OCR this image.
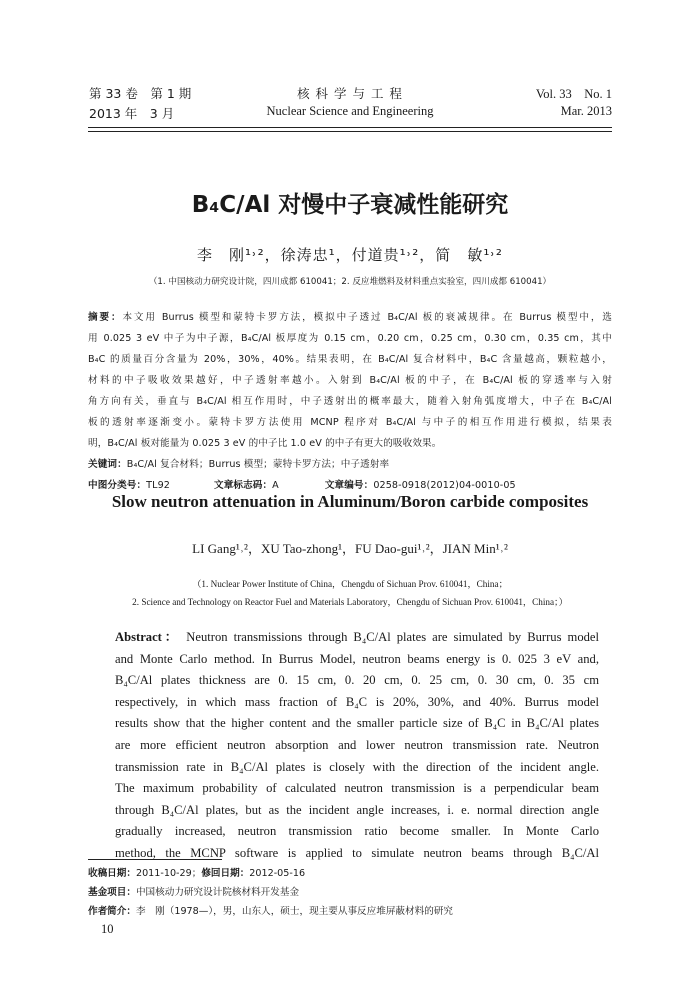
第 33 卷　第 1 期
2013 年　3 月
核 科 学 与 工 程
Nuclear Science and Engineering
Vol. 33　No. 1
Mar. 2013
B₄C/Al 对慢中子衰减性能研究
李　刚¹˒²，徐涛忠¹，付道贵¹˒²，简　敏¹˒²
（1. 中国核动力研究设计院，四川成都 610041；2. 反应堆燃料及材料重点实验室，四川成都 610041）
摘要：本文用 Burrus 模型和蒙特卡罗方法，模拟中子透过 B₄C/Al 板的衰减规律。在 Burrus 模型中，选
用 0.025 3 eV 中子为中子源，B₄C/Al 板厚度为 0.15 cm，0.20 cm，0.25 cm，0.30 cm，0.35 cm，其中
B₄C 的质量百分含量为 20%，30%，40%。结果表明，在 B₄C/Al 复合材料中，B₄C 含量越高，颗粒越小，
材料的中子吸收效果越好，中子透射率越小。入射到 B₄C/Al 板的中子，在 B₄C/Al 板的穿透率与入射
角方向有关，垂直与 B₄C/Al 相互作用时，中子透射出的概率最大，随着入射角弧度增大，中子在 B₄C/Al
板的透射率逐渐变小。蒙特卡罗方法使用 MCNP 程序对 B₄C/Al 与中子的相互作用进行模拟，结果表
明，B₄C/Al 板对能量为 0.025 3 eV 的中子比 1.0 eV 的中子有更大的吸收效果。
关键词：B₄C/Al 复合材料；Burrus 模型；蒙特卡罗方法；中子透射率
中图分类号：TL92	文章标志码：A	文章编号：0258-0918(2012)04-0010-05
Slow neutron attenuation in Aluminum/Boron carbide composites
LI Gang¹˒²，XU Tao-zhong¹，FU Dao-gui¹˒²，JIAN Min¹˒²
（1. Nuclear Power Institute of China，Chengdu of Sichuan Prov. 610041，China；
2. Science and Technology on Reactor Fuel and Materials Laboratory，Chengdu of Sichuan Prov. 610041，China；）
Abstract： Neutron transmissions through B₄C/Al plates are simulated by Burrus model
and Monte Carlo method. In Burrus Model, neutron beams energy is 0. 025 3 eV and,
B₄C/Al plates thickness are 0. 15 cm, 0. 20 cm, 0. 25 cm, 0. 30 cm, 0. 35 cm
respectively, in which mass fraction of B₄C is 20%, 30%, and 40%. Burrus model
results show that the higher content and the smaller particle size of B₄C in B₄C/Al plates
are more efficient neutron absorption and lower neutron transmission rate. Neutron
transmission rate in B₄C/Al plates is closely with the direction of the incident angle.
The maximum probability of calculated neutron transmission is a perpendicular beam
through B₄C/Al plates, but as the incident angle increases, i. e. normal direction angle
gradually increased, neutron transmission ratio become smaller. In Monte Carlo
method, the MCNP software is applied to simulate neutron beams through B₄C/Al
收稿日期：2011-10-29；修回日期：2012-05-16
基金项目：中国核动力研究设计院核材料开发基金
作者简介：李　刚（1978—），男，山东人，硕士，现主要从事反应堆屏蔽材料的研究
10
